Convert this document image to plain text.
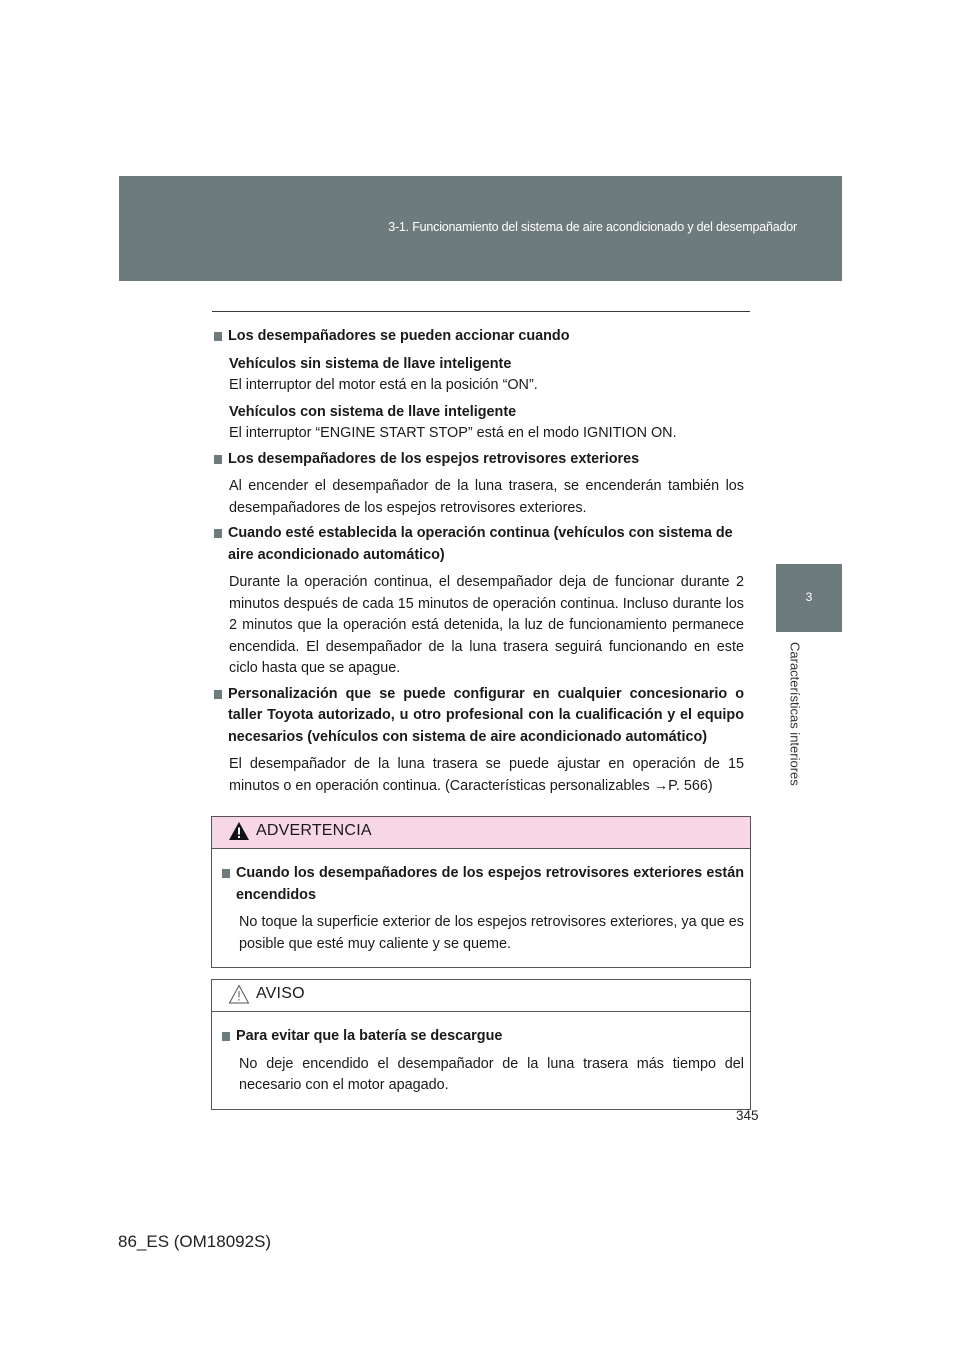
3-1. Funcionamiento del sistema de aire acondicionado y del desempañador
3
Características interiores
Los desempañadores se pueden accionar cuando
Vehículos sin sistema de llave inteligente
El interruptor del motor está en la posición “ON”.
Vehículos con sistema de llave inteligente
El interruptor “ENGINE START STOP” está en el modo IGNITION ON.
Los desempañadores de los espejos retrovisores exteriores
Al encender el desempañador de la luna trasera, se encenderán también los desempañadores de los espejos retrovisores exteriores.
Cuando esté establecida la operación continua (vehículos con sistema de aire acondicionado automático)
Durante la operación continua, el desempañador deja de funcionar durante 2 minutos después de cada 15 minutos de operación continua. Incluso durante los 2 minutos que la operación está detenida, la luz de funcionamiento permanece encendida. El desempañador de la luna trasera seguirá funcionando en este ciclo hasta que se apague.
Personalización que se puede configurar en cualquier concesionario o taller Toyota autorizado, u otro profesional con la cualificación y el equipo necesarios (vehículos con sistema de aire acondicionado automático)
El desempañador de la luna trasera se puede ajustar en operación de 15 minutos o en operación continua. (Características personalizables →P. 566)
ADVERTENCIA
Cuando los desempañadores de los espejos retrovisores exteriores están encendidos
No toque la superficie exterior de los espejos retrovisores exteriores, ya que es posible que esté muy caliente y se queme.
AVISO
Para evitar que la batería se descargue
No deje encendido el desempañador de la luna trasera más tiempo del necesario con el motor apagado.
345
86_ES (OM18092S)
